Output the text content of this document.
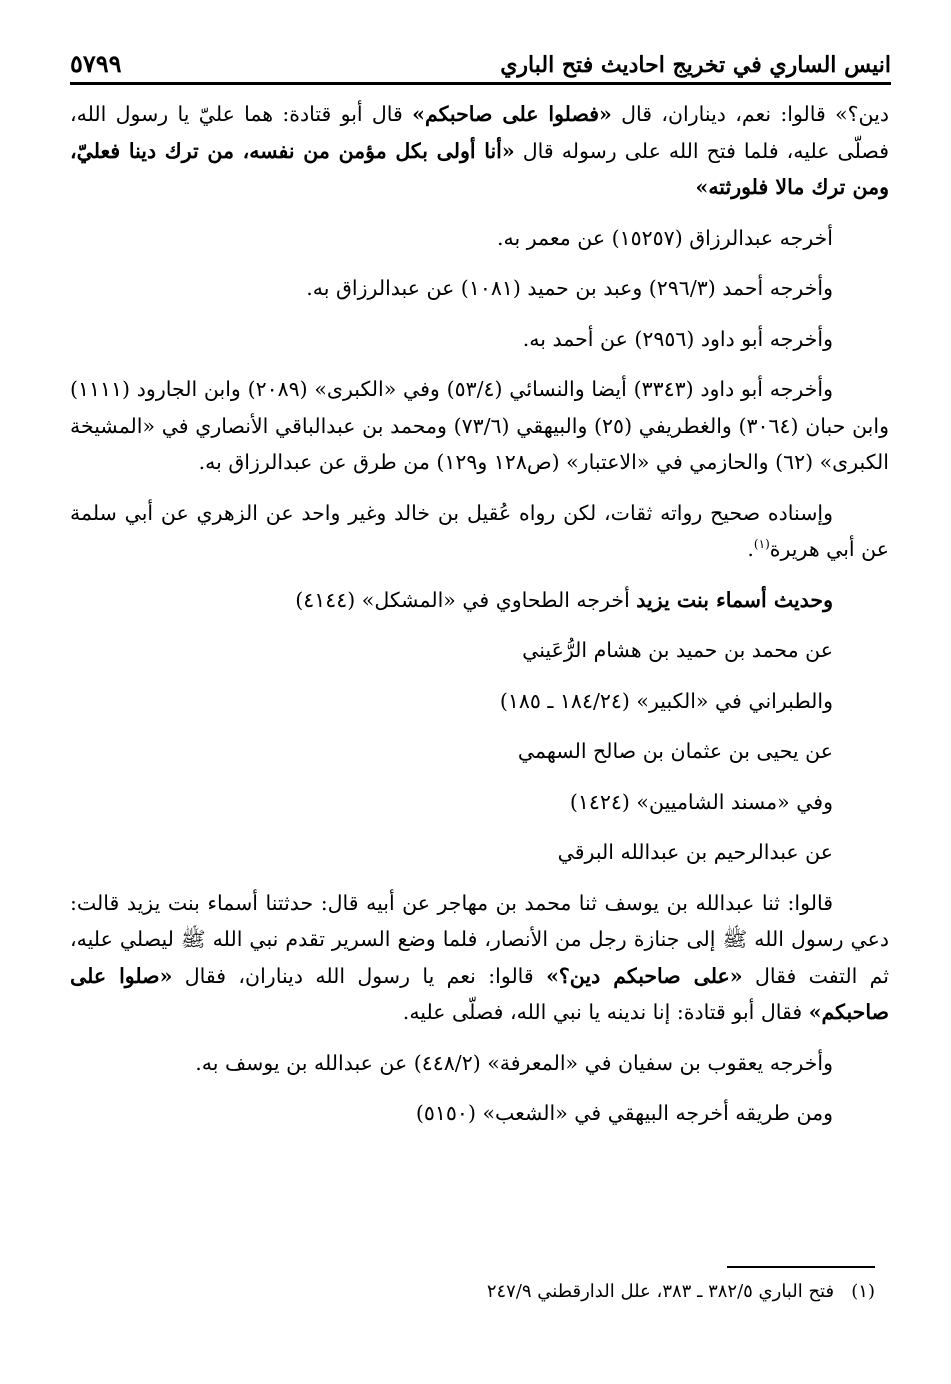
انيس الساري في تخريج احاديث فتح الباري
٥٧٩٩

دين؟» قالوا: نعم، ديناران، قال «فصلوا على صاحبكم» قال أبو قتادة: هما عليّ يا رسول الله، فصلّى عليه، فلما فتح الله على رسوله قال «أنا أولى بكل مؤمن من نفسه، من ترك دينا فعليّ، ومن ترك مالا فلورثته»

أخرجه عبدالرزاق (١٥٢٥٧) عن معمر به.

وأخرجه أحمد (٢٩٦/٣) وعبد بن حميد (١٠٨١) عن عبدالرزاق به.

وأخرجه أبو داود (٢٩٥٦) عن أحمد به.

وأخرجه أبو داود (٣٣٤٣) أيضا والنسائي (٥٣/٤) وفي «الكبرى» (٢٠٨٩) وابن الجارود (١١١١) وابن حبان (٣٠٦٤) والغطريفي (٢٥) والبيهقي (٧٣/٦) ومحمد بن عبدالباقي الأنصاري في «المشيخة الكبرى» (٦٢) والحازمي في «الاعتبار» (ص١٢٨ و١٢٩) من طرق عن عبدالرزاق به.

وإسناده صحيح رواته ثقات، لكن رواه عُقيل بن خالد وغير واحد عن الزهري عن أبي سلمة عن أبي هريرة$^{(١)}$.

وحديث أسماء بنت يزيد أخرجه الطحاوي في «المشكل» (٤١٤٤)

عن محمد بن حميد بن هشام الرُّعَيني

والطبراني في «الكبير» (١٨٤/٢٤ ـ ١٨٥)

عن يحيى بن عثمان بن صالح السهمي

وفي «مسند الشاميين» (١٤٢٤)

عن عبدالرحيم بن عبدالله البرقي

قالوا: ثنا عبدالله بن يوسف ثنا محمد بن مهاجر عن أبيه قال: حدثتنا أسماء بنت يزيد قالت: دعي رسول الله ﷺ إلى جنازة رجل من الأنصار، فلما وضع السرير تقدم نبي الله ﷺ ليصلي عليه، ثم التفت فقال «على صاحبكم دين؟» قالوا: نعم يا رسول الله ديناران، فقال «صلوا على صاحبكم» فقال أبو قتادة: إنا ندينه يا نبي الله، فصلّى عليه.

وأخرجه يعقوب بن سفيان في «المعرفة» (٤٤٨/٢) عن عبدالله بن يوسف به.

ومن طريقه أخرجه البيهقي في «الشعب» (٥١٥٠)

(١)   فتح الباري ٣٨٢/٥ ـ ٣٨٣، علل الدارقطني ٢٤٧/٩
